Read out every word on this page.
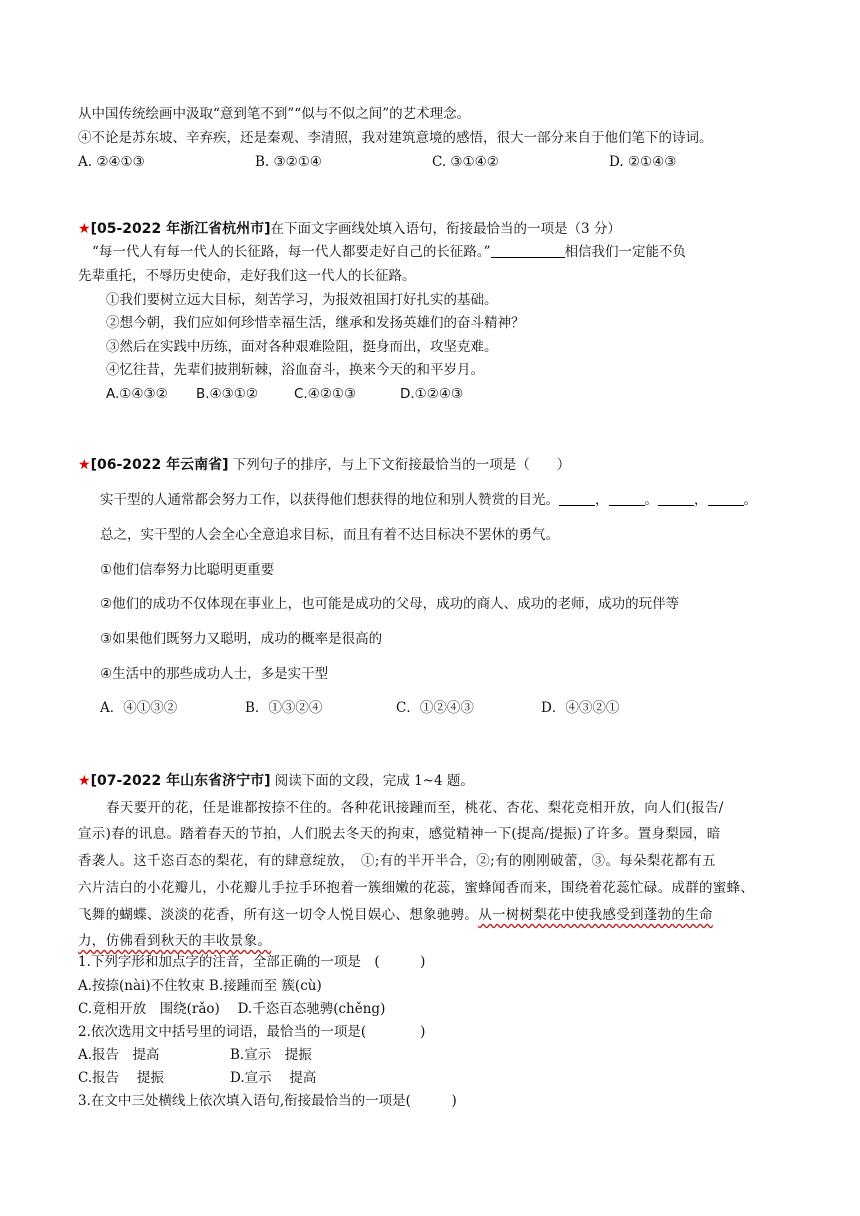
从中国传统绘画中汲取“意到笔不到”“似与不似之间”的艺术理念。
④不论是苏东坡、辛弃疾，还是秦观、李清照，我对建筑意境的感悟，很大一部分来自于他们笔下的诗词。
A. ②④①③	B. ③②①④	C. ③①④②	D. ②①④③
★[05-2022 年浙江省杭州市]在下面文字画线处填入语句，衔接最恰当的一项是（3 分）
“每一代人有每一代人的长征路，每一代人都要走好自己的长征路。”	相信我们一定能不负
先辈重托，不辱历史使命，走好我们这一代人的长征路。
①我们要树立远大目标，刻苦学习，为报效祖国打好扎实的基础。
②想今朝，我们应如何珍惜幸福生活，继承和发扬英雄们的奋斗精神？
③然后在实践中历练，面对各种艰难险阻，挺身而出，攻坚克难。
④忆往昔，先辈们披荆斩棘，浴血奋斗，换来今天的和平岁月。
A.①④③② B.④③①②	C.④②①③	D.①②④③
★[06-2022 年云南省] 下列句子的排序，与上下文衔接最恰当的一项是（　　）
实干型的人通常都会努力工作，以获得他们想获得的地位和别人赞赏的目光。	，	。	，	。
总之，实干型的人会全心全意追求目标，而且有着不达目标决不罢休的勇气。
①他们信奉努力比聪明更重要
②他们的成功不仅体现在事业上，也可能是成功的父母，成功的商人、成功的老师，成功的玩伴等
③如果他们既努力又聪明，成功的概率是很高的
④生活中的那些成功人士，多是实干型
A．④①③②	B．①③②④	C．①②④③	D．④③②①
★[07-2022 年山东省济宁市] 阅读下面的文段，完成 1~4 题。
春天要开的花，任是谁都按捺不住的。各种花讯接踵而至，桃花、杏花、梨花竞相开放，向人们(报告/
宣示)春的讯息。踏着春天的节拍，人们脱去冬天的拘束，感觉精神一下(提高/提振)了许多。置身梨园，暗
香袭人。这千恣百态的梨花，有的肆意绽放，　①;有的半开半合，②;有的刚刚破蕾，③。每朵梨花都有五
六片洁白的小花瓣儿，小花瓣儿手拉手环抱着一簇细嫩的花蕊，蜜蜂闻香而来，围绕着花蕊忙碌。成群的蜜蜂、
飞舞的蝴蝶、淡淡的花香，所有这一切令人悦目娱心、想象驰骋。从一树树梨花中使我感受到蓬勃的生命
力，仿佛看到秋天的丰收景象。
1.下列字形和加点字的注音，全部正确的一项是　(　　　)
A.按捺(nài)不住牧束 B.接踵而至 簇(cù)
C.竟相开放　围绕(rǎo)　 D.千恣百态驰骋(chěng)
2.依次选用文中括号里的词语，最恰当的一项是(　　　　)
A.报告　提高	B.宣示　提振
C.报告　 提振	D.宣示　 提高
3.在文中三处横线上依次填入语句,衔接最恰当的一项是(　　　)
